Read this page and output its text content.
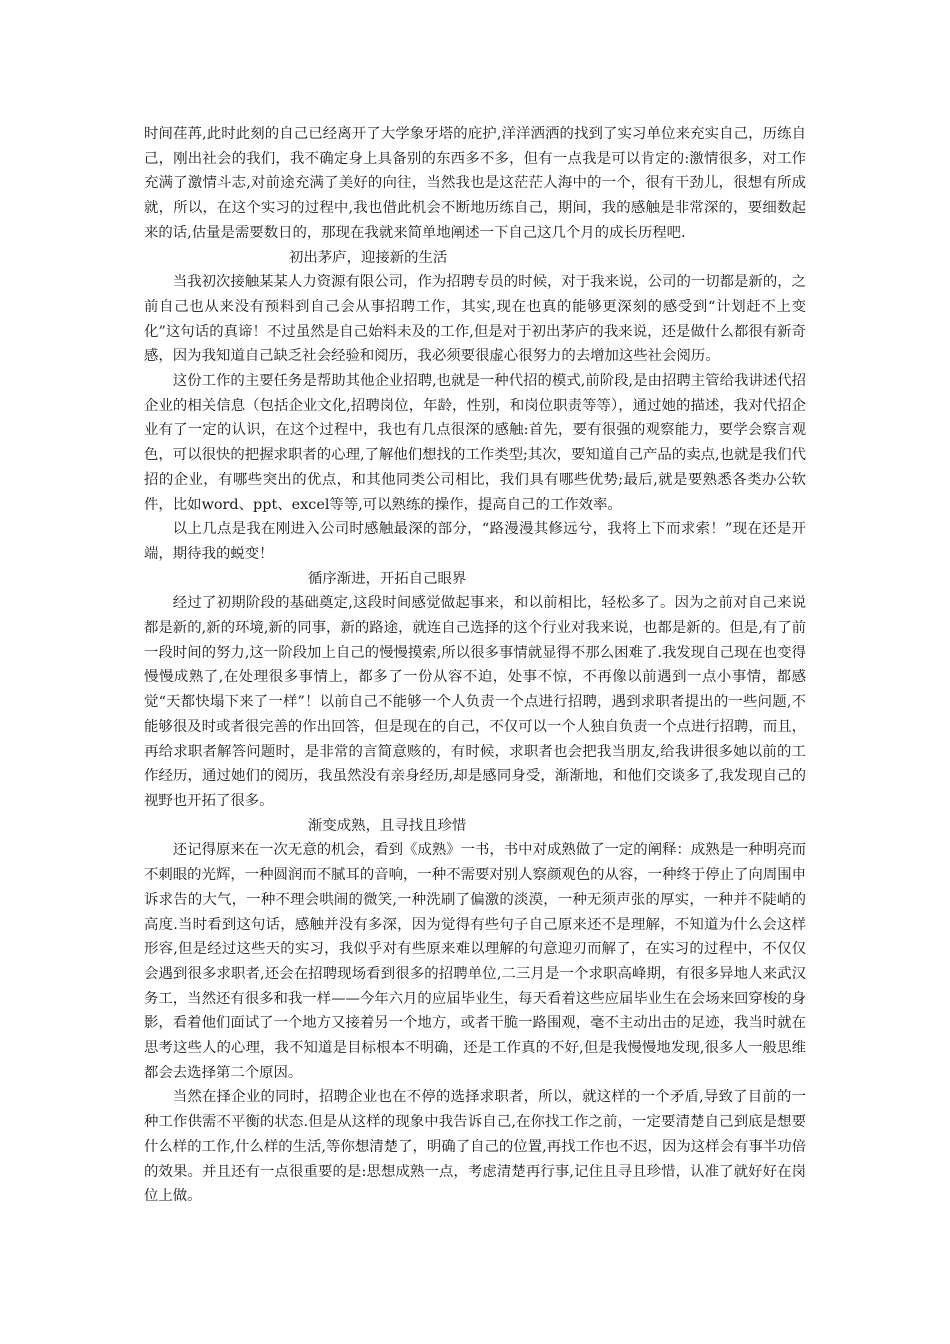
时间荏苒,此时此刻的自己已经离开了大学象牙塔的庇护,洋洋洒洒的找到了实习单位来充实自己，历练自己，刚出社会的我们，我不确定身上具备别的东西多不多，但有一点我是可以肯定的:激情很多，对工作充满了激情斗志,对前途充满了美好的向往，当然我也是这茫茫人海中的一个，很有干劲儿，很想有所成就，所以，在这个实习的过程中,我也借此机会不断地历练自己，期间，我的感触是非常深的，要细数起来的话,估量是需要数日的，那现在我就来简单地阐述一下自己这几个月的成长历程吧.

初出茅庐，迎接新的生活

当我初次接触某某人力资源有限公司，作为招聘专员的时候，对于我来说，公司的一切都是新的，之前自己也从来没有预料到自己会从事招聘工作，其实,现在也真的能够更深刻的感受到“计划赶不上变化”这句话的真谛！不过虽然是自己始料未及的工作,但是对于初出茅庐的我来说，还是做什么都很有新奇感，因为我知道自己缺乏社会经验和阅历，我必须要很虚心很努力的去增加这些社会阅历。

这份工作的主要任务是帮助其他企业招聘,也就是一种代招的模式,前阶段,是由招聘主管给我讲述代招企业的相关信息（包括企业文化,招聘岗位，年龄，性别，和岗位职责等等），通过她的描述，我对代招企业有了一定的认识，在这个过程中，我也有几点很深的感触:首先，要有很强的观察能力，要学会察言观色，可以很快的把握求职者的心理,了解他们想找的工作类型;其次，要知道自己产品的卖点,也就是我们代招的企业，有哪些突出的优点，和其他同类公司相比，我们具有哪些优势;最后,就是要熟悉各类办公软件，比如word、ppt、excel等等,可以熟练的操作，提高自己的工作效率。

以上几点是我在刚进入公司时感触最深的部分，“路漫漫其修远兮，我将上下而求索！”现在还是开端，期待我的蜕变！

循序渐进，开拓自己眼界

经过了初期阶段的基础奠定,这段时间感觉做起事来，和以前相比，轻松多了。因为之前对自己来说都是新的,新的环境,新的同事，新的路途，就连自己选择的这个行业对我来说，也都是新的。但是,有了前一段时间的努力,这一阶段加上自己的慢慢摸索,所以很多事情就显得不那么困难了.我发现自己现在也变得慢慢成熟了,在处理很多事情上，都多了一份从容不迫，处事不惊，不再像以前遇到一点小事情，都感觉“天都快塌下来了一样”！以前自己不能够一个人负责一个点进行招聘，遇到求职者提出的一些问题,不能够很及时或者很完善的作出回答，但是现在的自己，不仅可以一个人独自负责一个点进行招聘，而且，再给求职者解答问题时，是非常的言简意赅的，有时候，求职者也会把我当朋友,给我讲很多她以前的工作经历，通过她们的阅历，我虽然没有亲身经历,却是感同身受，渐渐地，和他们交谈多了,我发现自己的视野也开拓了很多。

渐变成熟，且寻找且珍惜

还记得原来在一次无意的机会，看到《成熟》一书，书中对成熟做了一定的阐释：成熟是一种明亮而不刺眼的光辉，一种圆润而不腻耳的音响，一种不需要对别人察颜观色的从容，一种终于停止了向周围申诉求告的大气，一种不理会哄闹的微笑,一种洗刷了偏激的淡漠，一种无须声张的厚实，一种并不陡峭的高度.当时看到这句话，感触并没有多深，因为觉得有些句子自己原来还不是理解，不知道为什么会这样形容,但是经过这些天的实习，我似乎对有些原来难以理解的句意迎刃而解了，在实习的过程中，不仅仅会遇到很多求职者,还会在招聘现场看到很多的招聘单位,二三月是一个求职高峰期，有很多异地人来武汉务工，当然还有很多和我一样——今年六月的应届毕业生，每天看着这些应届毕业生在会场来回穿梭的身影，看着他们面试了一个地方又接着另一个地方，或者干脆一路围观，毫不主动出击的足迹，我当时就在思考这些人的心理，我不知道是目标根本不明确，还是工作真的不好,但是我慢慢地发现,很多人一般思维都会去选择第二个原因。

当然在择企业的同时，招聘企业也在不停的选择求职者，所以，就这样的一个矛盾,导致了目前的一种工作供需不平衡的状态.但是从这样的现象中我告诉自己,在你找工作之前，一定要清楚自己到底是想要什么样的工作,什么样的生活,等你想清楚了，明确了自己的位置,再找工作也不迟，因为这样会有事半功倍的效果。并且还有一点很重要的是:思想成熟一点，考虑清楚再行事,记住且寻且珍惜，认准了就好好在岗位上做。
